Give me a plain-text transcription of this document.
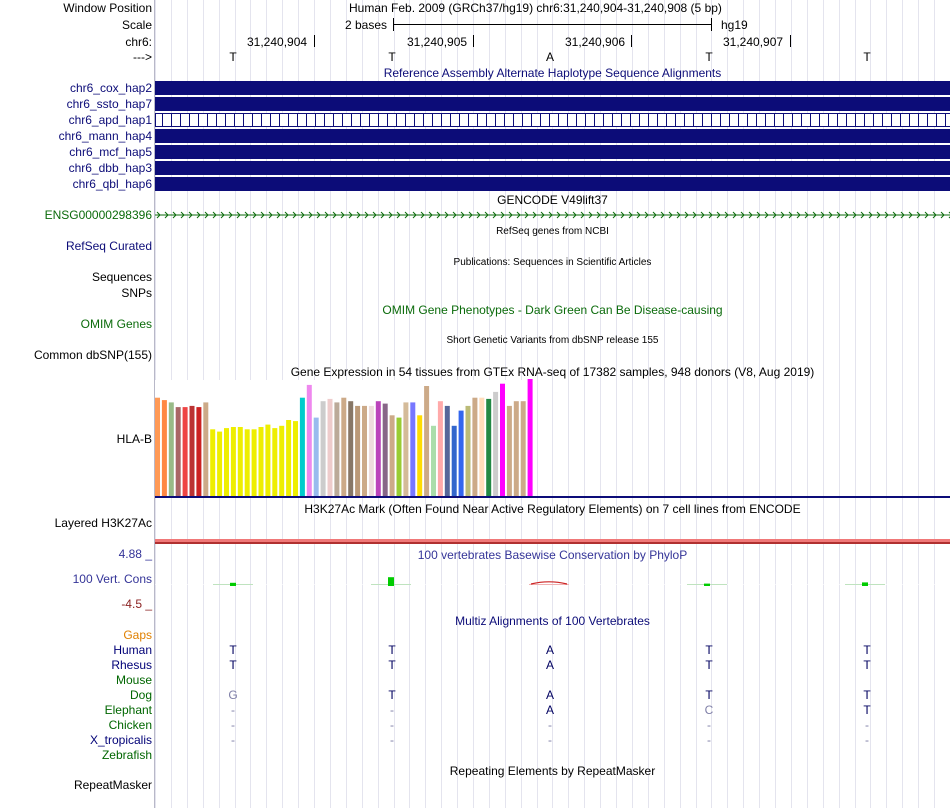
Window Position	Human Feb. 2009 (GRCh37/hg19) chr6:31,240,904-31,240,908 (5 bp)
Scale	2 bases	hg19
chr6:	31,240,904	31,240,905	31,240,906	31,240,907
--->	T	T	A	T	T
Reference Assembly Alternate Haplotype Sequence Alignments
chr6_cox_hap2
chr6_ssto_hap7
chr6_apd_hap1
chr6_mann_hap4
chr6_mcf_hap5
chr6_dbb_hap3
chr6_qbl_hap6
GENCODE V49lift37
ENSG00000298396
RefSeq genes from NCBI
RefSeq Curated
Publications: Sequences in Scientific Articles
Sequences
SNPs
OMIM Gene Phenotypes - Dark Green Can Be Disease-causing
OMIM Genes
Short Genetic Variants from dbSNP release 155
Common dbSNP(155)
Gene Expression in 54 tissues from GTEx RNA-seq of 17382 samples, 948 donors (V8, Aug 2019)
HLA-B
H3K27Ac Mark (Often Found Near Active Regulatory Elements) on 7 cell lines from ENCODE
Layered H3K27Ac
100 vertebrates Basewise Conservation by PhyloP
4.88 _
100 Vert. Cons
-4.5 _
Multiz Alignments of 100 Vertebrates
Gaps
Human	T	T	A	T	T
Rhesus	T	T	A	T	T
Mouse
Dog	G	T	A	T	T
Elephant	-	-	A	C	T
Chicken	-	-	-	-	-
X_tropicalis	-	-	-	-	-
Zebrafish
Repeating Elements by RepeatMasker
RepeatMasker
